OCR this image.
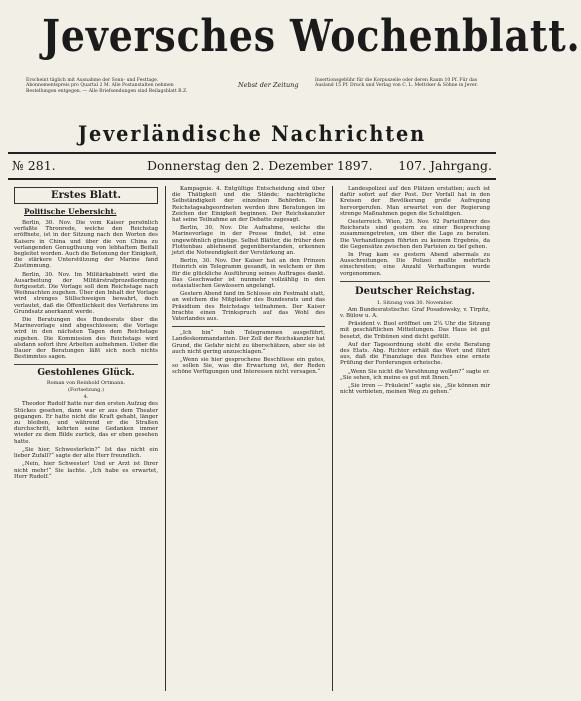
Jeversches Wochenblatt.
Erscheint täglich mit Ausnahme der Sonn- und Festtage. Abonnementspreis pro Quartal 2 M. Alle Postanstalten nehmen Bestellungen entgegen. — Alle Briefsendungen sind Beilagsblatt B.Z.
Nebst der Zeitung
Insertionsgebühr für die Korpuszeile oder deren Raum 10 Pf. Für das Ausland 15 Pf. Druck und Verlag von C. L. Mettcker & Söhne in Jever.
Jeverländische Nachrichten
№ 281.	Donnerstag den 2. Dezember 1897. 107. Jahrgang.
Erstes Blatt.
Politische Uebersicht.

Berlin, 30. Nov. Die vom Kaiser persönlich verfaßte Thronrede, welche den Reichstag eröffnete, ist in der Sitzung nach den Worten des Kaisers in China und über die von China zu verlangenden Genugthuung von lebhaftem Beifall begleitet worden. Auch die Betonung der Einigkeit, die stärkere Unterstützung der Marine fand Zustimmung.

Berlin, 30. Nov. Im Militärkabinett wird die Ausarbeitung der Militärstrafprozeßordnung fortgesetzt. Die Vorlage soll dem Reichstage nach Weihnachten zugehen. Über den Inhalt der Vorlage wird strenges Stillschweigen bewahrt, doch verlautet, daß die Öffentlichkeit des Verfahrens im Grundsatz anerkannt werde.

Die Beratungen des Bundesrats über die Marinevorlage sind abgeschlossen; die Vorlage wird in den nächsten Tagen dem Reichstage zugehen. Die Kommission des Reichstags wird alsdann sofort ihre Arbeiten aufnehmen. Ueber die Dauer der Beratungen läßt sich noch nichts Bestimmtes sagen.

Gestohlenes Glück.
Roman von Reinhold Ortmann.
(Fortsetzung.)
4.

Theodor Rudolf hatte nur den ersten Aufzug des Stückes gesehen, dann war er aus dem Theater gegangen. Er hatte nicht die Kraft gehabt, länger zu bleiben, und während er die Straßen durchschritt, kehrten seine Gedanken immer wieder zu dem Bilde zurück, das er eben gesehen hatte.

„Sie hier, Schwesterlein?“ Ist das nicht ein lieber Zufall?“ sagte der alte Herr freundlich.

„Nein, hier Schwester! Und er Arzt ist Ihrer nicht mehr!“ Sie lachte. „Ich habe es erwartet, Herr Rudolf.“

Kampagnie. 4. Entgültige Entscheidung sind über die Thätigkeit und die Stände; nachträgliche Selbständigkeit der einzelnen Behörden. Die Reichstagsabgeordneten werden ihre Beratungen im Zeichen der Einigkeit beginnen. Der Reichskanzler hat seine Teilnahme an der Debatte zugesagt.

Berlin, 30. Nov. Die Aufnahme, welche die Marinevorlage in der Presse findet, ist eine ungewöhnlich günstige. Selbst Blätter, die früher dem Flottenbau ablehnend gegenüberstanden, erkennen jetzt die Notwendigkeit der Verstärkung an.

Berlin, 30. Nov. Der Kaiser hat an den Prinzen Heinrich ein Telegramm gesandt, in welchem er ihm für die glückliche Ausführung seines Auftrages dankt. Das Geschwader ist nunmehr vollzählig in den ostasiatischen Gewässern angelangt.

Gestern Abend fand im Schlosse ein Festmahl statt, an welchem die Mitglieder des Bundesrats und das Präsidium des Reichstags teilnahmen. Der Kaiser brachte einen Trinkspruch auf das Wohl des Vaterlandes aus.

„Ich bin“ hub Telegrammen ausgeführt, Landeskommandanten. Der Zoll der Reichskanzler hat Grund, die Gefahr nicht zu überschätzen, aber sie ist auch nicht gering anzuschlagen.“

„Wenn sie hier gesprochene Beschlüsse ein gutes, so sollen Sie, was die Erwartung ist, der Reden schöne Verfügungen und Interessen nicht versagen.“

Landespolizei auf den Plätzen erstatten; auch ist dafür sofort auf der Post. Der Vorfall hat in den Kreisen der Bevölkerung große Aufregung hervorgerufen. Man erwartet von der Regierung strenge Maßnahmen gegen die Schuldigen.

Oesterreich. Wien, 29. Nov. 92 Parteiführer des Reichsrats sind gestern zu einer Besprechung zusammengetreten, um über die Lage zu beraten. Die Verhandlungen führten zu keinem Ergebnis, da die Gegensätze zwischen den Parteien zu tief gehen.

In Prag kam es gestern Abend abermals zu Ausschreitungen. Die Polizei mußte mehrfach einschreiten; eine Anzahl Verhaftungen wurde vorgenommen.

Deutscher Reichstag.
1. Sitzung vom 30. November.

Am Bundesratstische: Graf Posadowsky, v. Tirpitz, v. Bülow u. A.

Präsident v. Buol eröffnet um 2¼ Uhr die Sitzung mit geschäftlichen Mitteilungen. Das Haus ist gut besetzt, die Tribünen sind dicht gefüllt.

Auf der Tagesordnung steht die erste Beratung des Etats. Abg. Richter erhält das Wort und führt aus, daß die Finanzlage des Reiches eine ernste Prüfung der Forderungen erheische.

„Wenn Sie nicht die Versöhnung wollen?“ sagte er. „Sie sehen, ich meine es gut mit Ihnen.“

„Sie irren — Fräulein!“ sagte sie, „Sie können mir nicht verbieten, meinen Weg zu gehen.“
